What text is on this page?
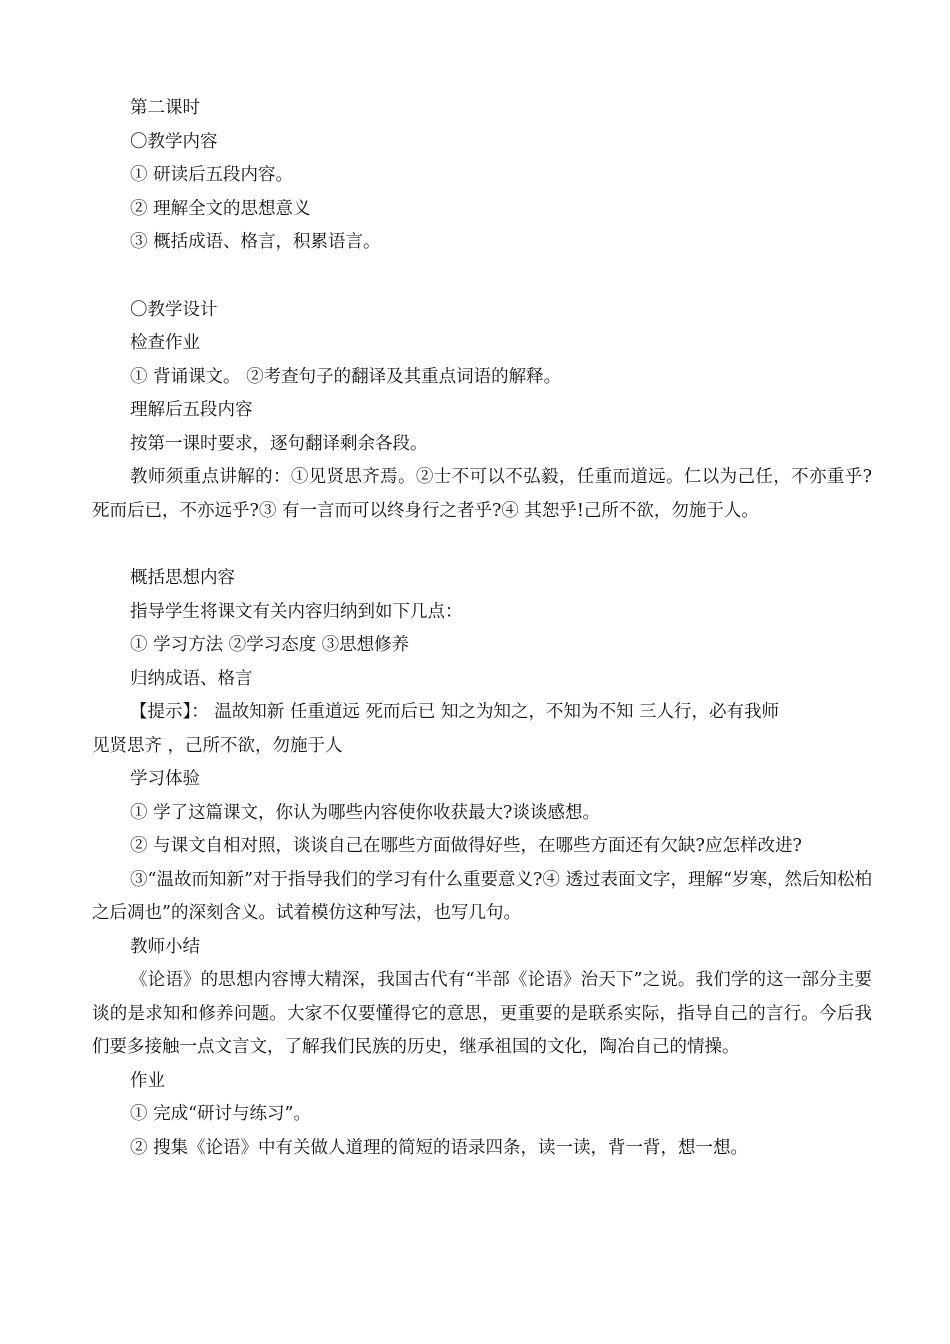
第二课时
〇教学内容
① 研读后五段内容。
② 理解全文的思想意义
③ 概括成语、格言，积累语言。
〇教学设计
检查作业
① 背诵课文。 ②考查句子的翻译及其重点词语的解释。
理解后五段内容
按第一课时要求，逐句翻译剩余各段。
教师须重点讲解的：①见贤思齐焉。②士不可以不弘毅，任重而道远。仁以为己任，不亦重乎?死而后已，不亦远乎?③ 有一言而可以终身行之者乎?④ 其恕乎!己所不欲，勿施于人。
概括思想内容
指导学生将课文有关内容归纳到如下几点：
① 学习方法 ②学习态度 ③思想修养
归纳成语、格言
【提示】： 温故知新 任重道远 死而后已 知之为知之，不知为不知 三人行，必有我师
见贤思齐 ，己所不欲，勿施于人
学习体验
① 学了这篇课文，你认为哪些内容使你收获最大?谈谈感想。
② 与课文自相对照，谈谈自己在哪些方面做得好些，在哪些方面还有欠缺?应怎样改进?
③“温故而知新”对于指导我们的学习有什么重要意义?④ 透过表面文字，理解“岁寒，然后知松柏之后凋也”的深刻含义。试着模仿这种写法，也写几句。
教师小结
《论语》的思想内容博大精深，我国古代有“半部《论语》治天下”之说。我们学的这一部分主要谈的是求知和修养问题。大家不仅要懂得它的意思，更重要的是联系实际，指导自己的言行。今后我们要多接触一点文言文，了解我们民族的历史，继承祖国的文化，陶冶自己的情操。
作业
① 完成“研讨与练习”。
② 搜集《论语》中有关做人道理的简短的语录四条，读一读，背一背，想一想。
